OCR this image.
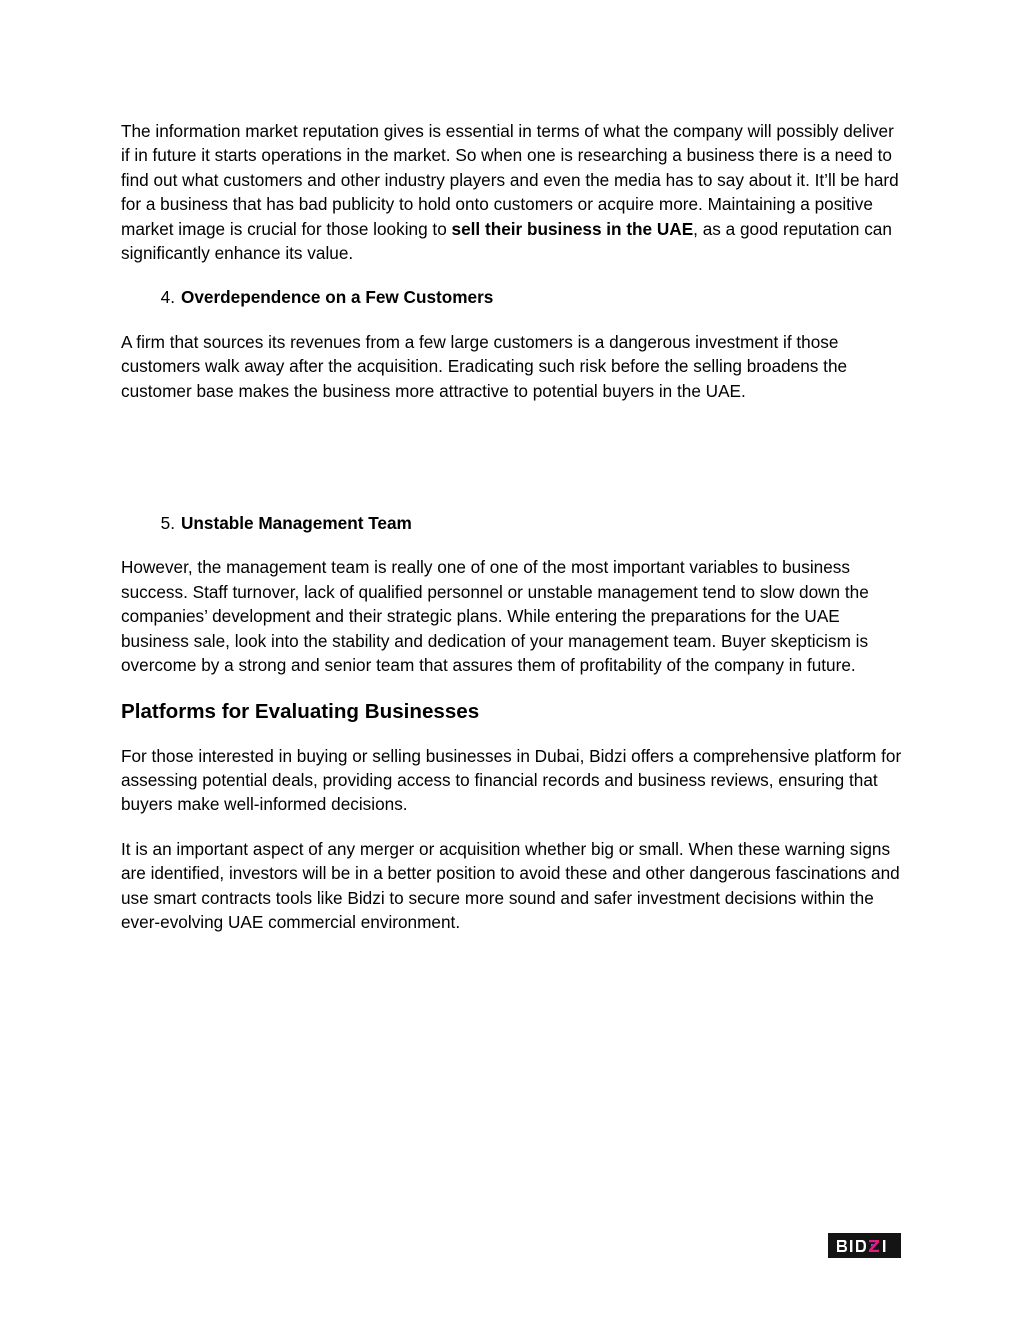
The information market reputation gives is essential in terms of what the company will possibly deliver if in future it starts operations in the market. So when one is researching a business there is a need to find out what customers and other industry players and even the media has to say about it. It’ll be hard for a business that has bad publicity to hold onto customers or acquire more. Maintaining a positive market image is crucial for those looking to sell their business in the UAE, as a good reputation can significantly enhance its value.

4. Overdependence on a Few Customers

A firm that sources its revenues from a few large customers is a dangerous investment if those customers walk away after the acquisition. Eradicating such risk before the selling broadens the customer base makes the business more attractive to potential buyers in the UAE.

5. Unstable Management Team

However, the management team is really one of one of the most important variables to business success. Staff turnover, lack of qualified personnel or unstable management tend to slow down the companies’ development and their strategic plans. While entering the preparations for the UAE business sale, look into the stability and dedication of your management team. Buyer skepticism is overcome by a strong and senior team that assures them of profitability of the company in future.

Platforms for Evaluating Businesses

For those interested in buying or selling businesses in Dubai, Bidzi offers a comprehensive platform for assessing potential deals, providing access to financial records and business reviews, ensuring that buyers make well-informed decisions.

It is an important aspect of any merger or acquisition whether big or small. When these warning signs are identified, investors will be in a better position to avoid these and other dangerous fascinations and use smart contracts tools like Bidzi to secure more sound and safer investment decisions within the ever-evolving UAE commercial environment.
